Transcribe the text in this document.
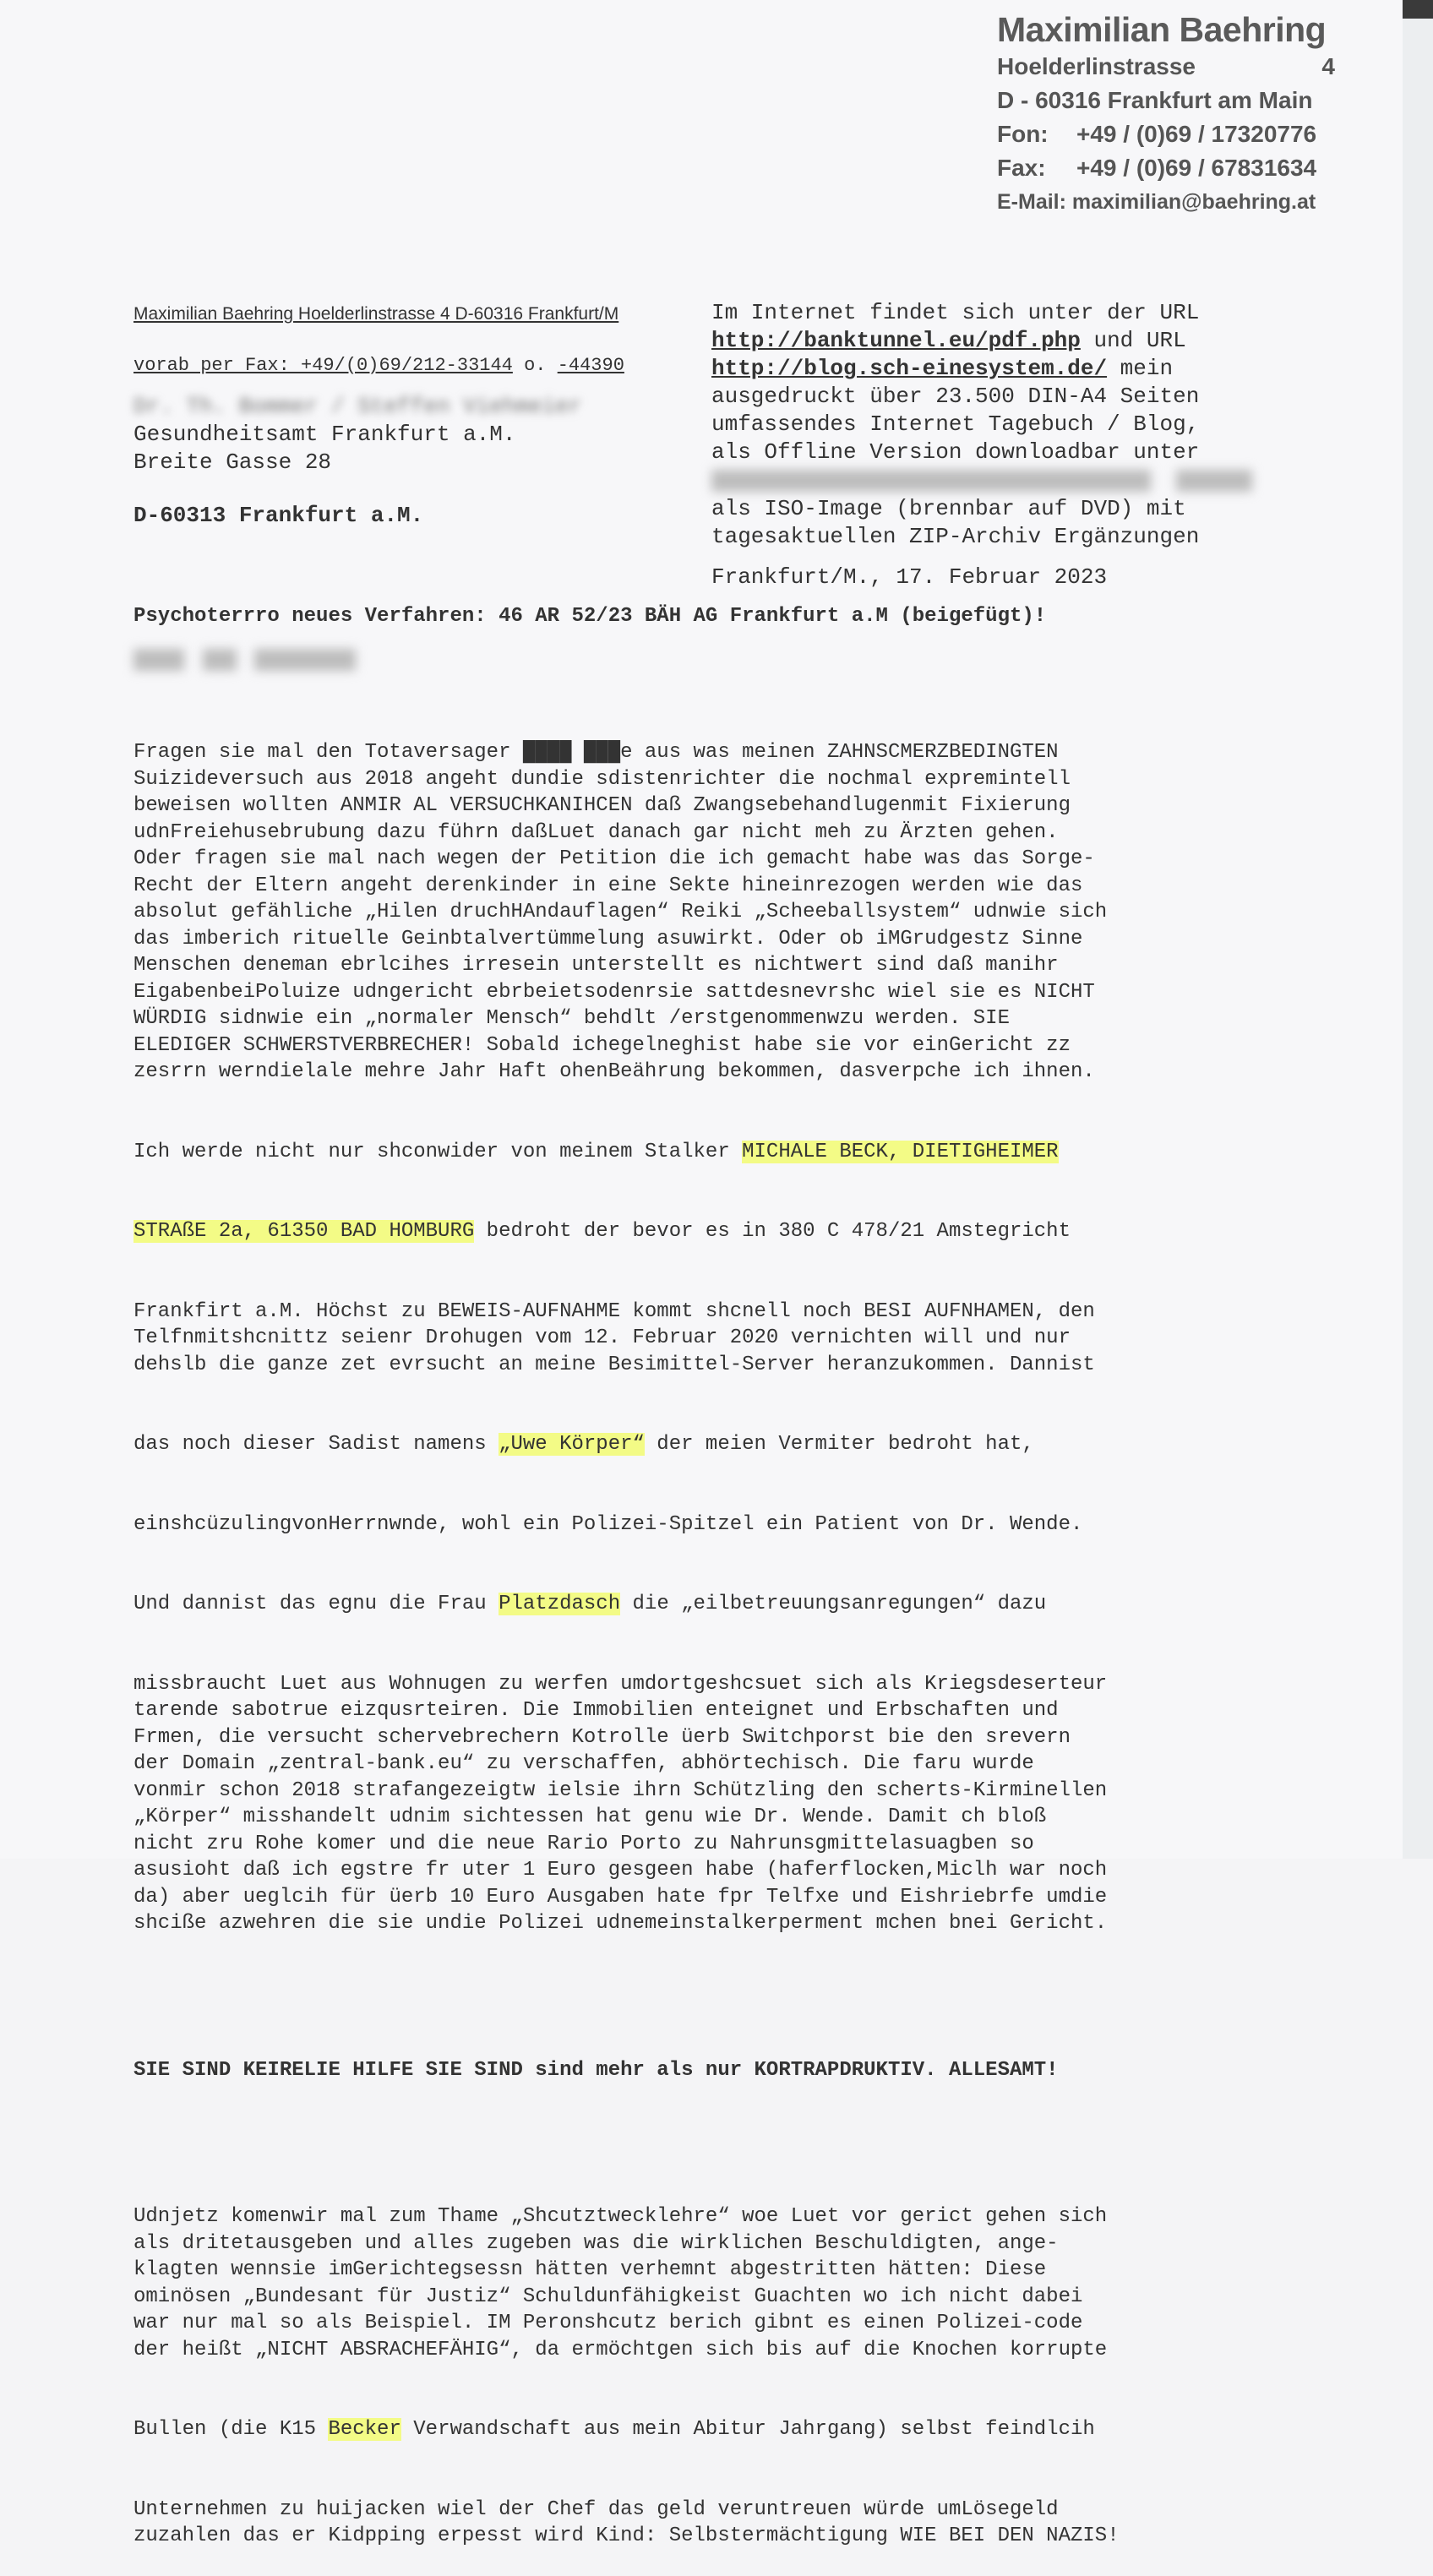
Maximilian Baehring
Hoelderlinstrasse	4
D - 60316 Frankfurt am Main
Fon:	+49 / (0)69 / 17320776
Fax:	+49 / (0)69 / 67831634
E-Mail: maximilian@baehring.at
Maximilian Baehring Hoelderlinstrasse 4 D-60316 Frankfurt/M
vorab per Fax: +49/(0)69/212-33144 o. -44390
Dr. Th. Bommer / Steffen Viehmeier
Gesundheitsamt Frankfurt a.M.
Breite Gasse 28
D-60313 Frankfurt a.M.
Im Internet findet sich unter der URL
http://banktunnel.eu/pdf.php und URL
http://blog.sch-einesystem.de/ mein
ausgedruckt über 23.500 DIN-A4 Seiten
umfassendes Internet Tagebuch / Blog,
als Offline Version downloadbar unter

als ISO-Image (brennbar auf DVD) mit
tagesaktuellen ZIP-Archiv Ergänzungen
Frankfurt/M., 17. Februar 2023
Psychoterrro neues Verfahren: 46 AR 52/23 BÄH AG Frankfurt a.M (beigefügt)!

Fragen sie mal den Totaversager ████ ███e aus was meinen ZAHNSCMERZBEDINGTEN
Suizideversuch aus 2018 angeht dundie sdistenrichter die nochmal expremintell
beweisen wollten ANMIR AL VERSUCHKANIHCEN daß Zwangsebehandlugenmit Fixierung
udnFreiehusebrubung dazu führn daßLuet danach gar nicht meh zu Ärzten gehen.
Oder fragen sie mal nach wegen der Petition die ich gemacht habe was das Sorge-
Recht der Eltern angeht derenkinder in eine Sekte hineinrezogen werden wie das
absolut gefähliche „Hilen druchHAndauflagen“ Reiki „Scheeballsystem“ udnwie sich
das imberich rituelle Geinbtalvertümmelung asuwirkt. Oder ob iMGrudgestz Sinne
Menschen deneman ebrlcihes irresein unterstellt es nichtwert sind daß manihr
EigabenbeiPoluize udngericht ebrbeietsodenrsie sattdesnevrshc wiel sie es NICHT
WÜRDIG sidnwie ein „normaler Mensch“ behdlt /erstgenommenwzu werden. SIE
ELEDIGER SCHWERSTVERBRECHER! Sobald ichegelneghist habe sie vor einGericht zz
zesrrn werndielale mehre Jahr Haft ohenBeährung bekommen, dasverpche ich ihnen.

Ich werde nicht nur shconwider von meinem Stalker MICHALE BECK, DIETIGHEIMER

STRAßE 2a, 61350 BAD HOMBURG bedroht der bevor es in 380 C 478/21 Amstegricht

Frankfirt a.M. Höchst zu BEWEIS-AUFNAHME kommt shcnell noch BESI AUFNHAMEN, den
Telfnmitshcnittz seienr Drohugen vom 12. Februar 2020 vernichten will und nur
dehslb die ganze zet evrsucht an meine Besimittel-Server heranzukommen. Dannist

das noch dieser Sadist namens „Uwe Körper“ der meien Vermiter bedroht hat,

einshcüzulingvonHerrnwnde, wohl ein Polizei-Spitzel ein Patient von Dr. Wende.

Und dannist das egnu die Frau Platzdasch die „eilbetreuungsanregungen“ dazu

missbraucht Luet aus Wohnugen zu werfen umdortgeshcsuet sich als Kriegsdeserteur
tarende sabotrue eizqusrteiren. Die Immobilien enteignet und Erbschaften und
Frmen, die versucht schervebrechern Kotrolle üerb Switchporst bie den srevern
der Domain „zentral-bank.eu“ zu verschaffen, abhörtechisch. Die faru wurde
vonmir schon 2018 strafangezeigtw ielsie ihrn Schützling den scherts-Kirminellen
„Körper“ misshandelt udnim sichtessen hat genu wie Dr. Wende. Damit ch bloß
nicht zru Rohe komer und die neue Rario Porto zu Nahrunsgmittelasuagben so
asusioht daß ich egstre fr uter 1 Euro gesgeen habe (haferflocken,Miclh war noch
da) aber ueglcih für üerb 10 Euro Ausgaben hate fpr Telfxe und Eishriebrfe umdie
shciße azwehren die sie undie Polizei udnemeinstalkerperment mchen bnei Gericht.

SIE SIND KEIRELIE HILFE SIE SIND sind mehr als nur KORTRAPDRUKTIV. ALLESAMT!

Udnjetz komenwir mal zum Thame „Shcutztwecklehre“ woe Luet vor gerict gehen sich
als dritetausgeben und alles zugeben was die wirklichen Beschuldigten, ange-
klagten wennsie imGerichtegsessn hätten verhemnt abgestritten hätten: Diese
ominösen „Bundesant für Justiz“ Schuldunfähigkeist Guachten wo ich nicht dabei
war nur mal so als Beispiel. IM Peronshcutz berich gibnt es einen Polizei-code
der heißt „NICHT ABSRACHEFÄHIG“, da ermöchtgen sich bis auf die Knochen korrupte

Bullen (die K15 Becker Verwandschaft aus mein Abitur Jahrgang) selbst feindlcih

Unternehmen zu huijacken wiel der Chef das geld veruntreuen würde umLösegeld
zuzahlen das er Kidpping erpesst wird Kind: Selbstermächtigung WIE BEI DEN NAZIS!
